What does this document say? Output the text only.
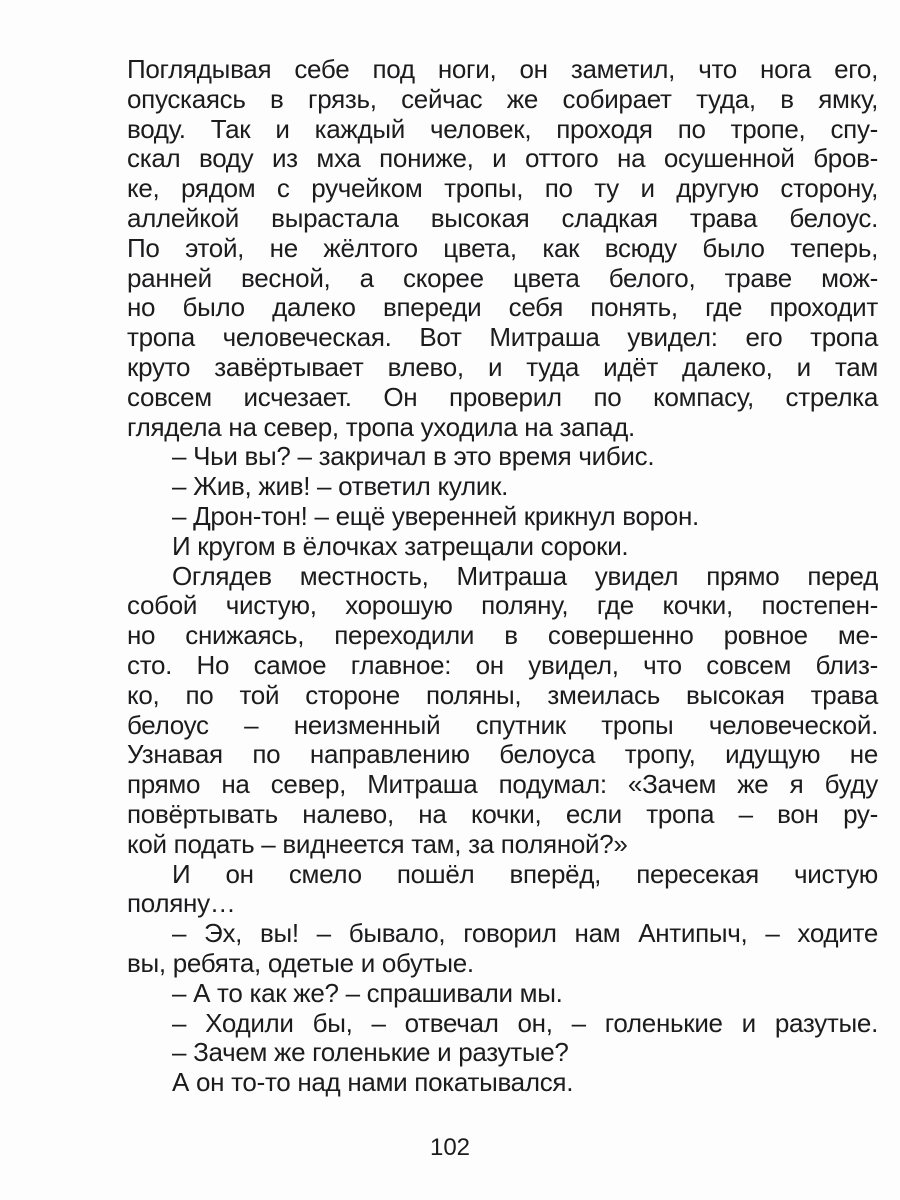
Поглядывая себе под ноги, он заметил, что нога его,
опускаясь в грязь, сейчас же собирает туда, в ямку,
воду. Так и каждый человек, проходя по тропе, спу-
скал воду из мха пониже, и оттого на осушенной бров-
ке, рядом с ручейком тропы, по ту и другую сторону,
аллейкой вырастала высокая сладкая трава белоус.
По этой, не жёлтого цвета, как всюду было теперь,
ранней весной, а скорее цвета белого, траве мож-
но было далеко впереди себя понять, где проходит
тропа человеческая. Вот Митраша увидел: его тропа
круто завёртывает влево, и туда идёт далеко, и там
совсем исчезает. Он проверил по компасу, стрелка
глядела на север, тропа уходила на запад.
– Чьи вы? – закричал в это время чибис.
– Жив, жив! – ответил кулик.
– Дрон-тон! – ещё уверенней крикнул ворон.
И кругом в ёлочках затрещали сороки.
Оглядев местность, Митраша увидел прямо перед
собой чистую, хорошую поляну, где кочки, постепен-
но снижаясь, переходили в совершенно ровное ме-
сто. Но самое главное: он увидел, что совсем близ-
ко, по той стороне поляны, змеилась высокая трава
белоус – неизменный спутник тропы человеческой.
Узнавая по направлению белоуса тропу, идущую не
прямо на север, Митраша подумал: «Зачем же я буду
повёртывать налево, на кочки, если тропа – вон ру-
кой подать – виднеется там, за поляной?»
И он смело пошёл вперёд, пересекая чистую
поляну…
– Эх, вы! – бывало, говорил нам Антипыч, – ходите
вы, ребята, одетые и обутые.
– А то как же? – спрашивали мы.
– Ходили бы, – отвечал он, – голенькие и разутые.
– Зачем же голенькие и разутые?
А он то-то над нами покатывался.
102
